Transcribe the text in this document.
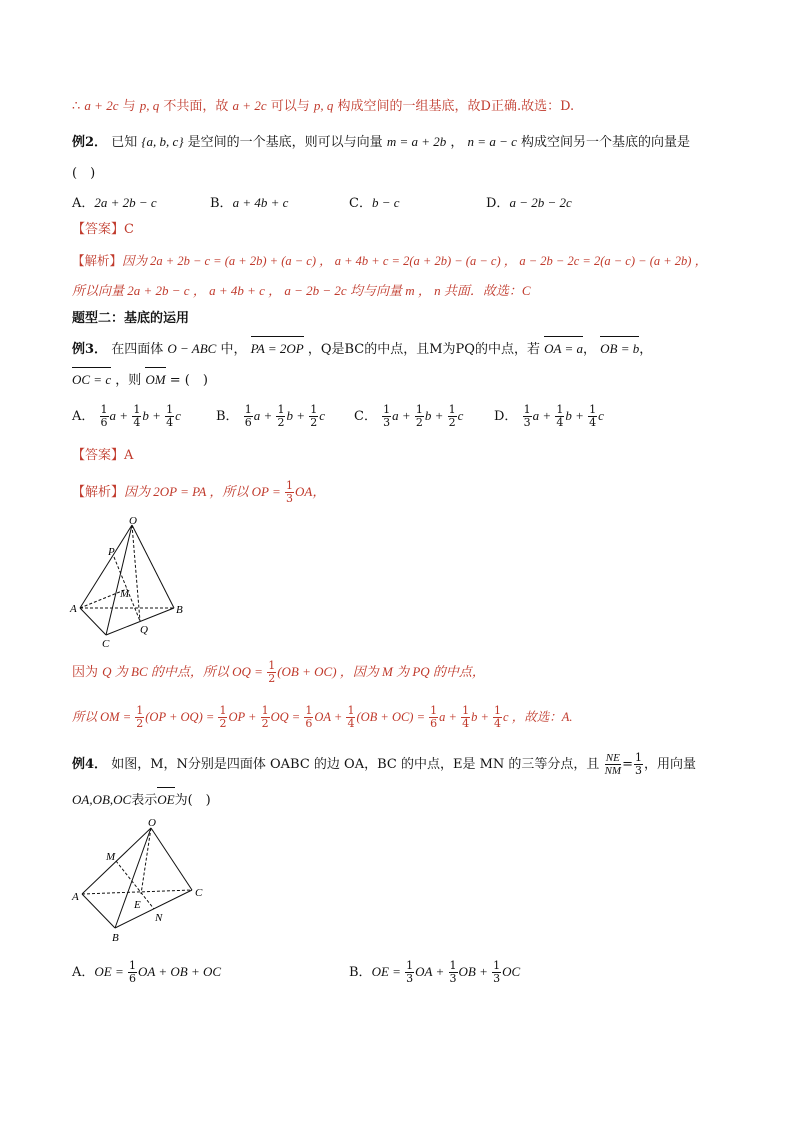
∴ a + 2c 与 p, q 不共面，故 a + 2c 可以与 p, q 构成空间的一组基底，故D正确.故选：D.
例2． 已知 {a, b, c} 是空间的一个基底，则可以与向量 m = a + 2b ， n = a − c 构成空间另一个基底的向量是
(　)
A．2a + 2b − c	B．a + 4b + c	C．b − c	D．a − 2b − 2c
【答案】C
【解析】因为 2a + 2b − c = (a + 2b) + (a − c) ， a + 4b + c = 2(a + 2b) − (a − c) ， a − 2b − 2c = 2(a − c) − (a + 2b) ，
所以向量 2a + 2b − c ， a + 4b + c ， a − 2b − 2c 均与向量 m ， n 共面．故选：C
题型二：基底的运用
例3． 在四面体 O − ABC 中， PA = 2OP ，Q是BC的中点，且M为PQ的中点，若 OA = a， OB = b，
OC = c ，则 OM = (　)
A． $\frac{1}{6}$ $a + \frac{1}{4}$ $b + \frac{1}{4}$ c	B． $\frac{1}{6}$ $a + \frac{1}{2}$ $b + \frac{1}{2}$ c C． $\frac{1}{3}$ $a + \frac{1}{2}$ $b + \frac{1}{2}$ c D． $\frac{1}{3}$ $a + \frac{1}{4}$ $b + \frac{1}{4}$ c
【答案】A
【解析】因为 2OP = PA ，所以 OP = $\frac{1}{3}$ OA，
O
P
M
A	B
C
Q
因为 Q 为 BC 的中点，所以 OQ = $\frac{1}{2} (OB + OC)$ ，因为 M 为 PQ 的中点，
所以 OM = $\frac{1}{2} (OP + OQ) = \frac{1}{2}$ OP + $\frac{1}{2}$ OQ = $\frac{1}{6}$ OA + $\frac{1}{4} (OB + OC) = \frac{1}{6}$ $a + \frac{1}{4}$ $b + \frac{1}{4}$ c ，故选：A.
例4． 如图，M，N分别是四面体 OABC 的边 OA，BC 的中点，E是 MN 的三等分点，且 $\frac{NE}{NM} = \frac{1}{3}$ ，用向量
OA,OB,OC表示OE为(　)
O
M
A
E
C
N
B
A．OE = $\frac{1}{6}$ OA + OB + OC	B．OE = $\frac{1}{3}$ OA + $\frac{1}{3}$ OB + $\frac{1}{3}$ OC
